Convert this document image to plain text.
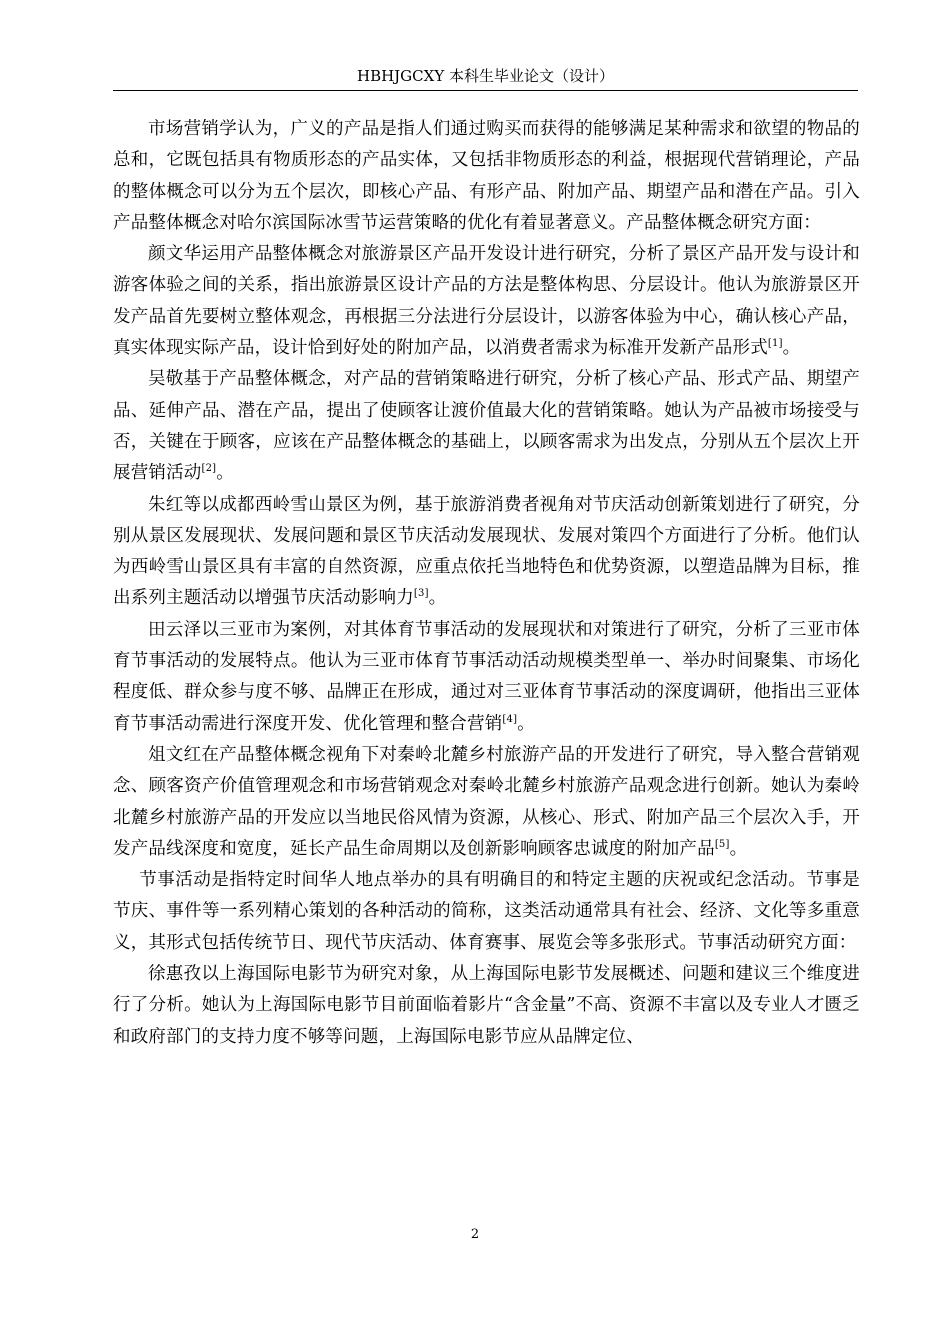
HBHJGCXY 本科生毕业论文（设计）

市场营销学认为，广义的产品是指人们通过购买而获得的能够满足某种需求和欲望的物品的总和，它既包括具有物质形态的产品实体，又包括非物质形态的利益，根据现代营销理论，产品的整体概念可以分为五个层次，即核心产品、有形产品、附加产品、期望产品和潜在产品。引入产品整体概念对哈尔滨国际冰雪节运营策略的优化有着显著意义。产品整体概念研究方面：

颜文华运用产品整体概念对旅游景区产品开发设计进行研究，分析了景区产品开发与设计和游客体验之间的关系，指出旅游景区设计产品的方法是整体构思、分层设计。他认为旅游景区开发产品首先要树立整体观念，再根据三分法进行分层设计，以游客体验为中心，确认核心产品，真实体现实际产品，设计恰到好处的附加产品，以消费者需求为标准开发新产品形式[1]。

吴敬基于产品整体概念，对产品的营销策略进行研究，分析了核心产品、形式产品、期望产品、延伸产品、潜在产品，提出了使顾客让渡价值最大化的营销策略。她认为产品被市场接受与否，关键在于顾客，应该在产品整体概念的基础上，以顾客需求为出发点，分别从五个层次上开展营销活动[2]。

朱红等以成都西岭雪山景区为例，基于旅游消费者视角对节庆活动创新策划进行了研究，分别从景区发展现状、发展问题和景区节庆活动发展现状、发展对策四个方面进行了分析。他们认为西岭雪山景区具有丰富的自然资源，应重点依托当地特色和优势资源，以塑造品牌为目标，推出系列主题活动以增强节庆活动影响力[3]。

田云泽以三亚市为案例，对其体育节事活动的发展现状和对策进行了研究，分析了三亚市体育节事活动的发展特点。他认为三亚市体育节事活动活动规模类型单一、举办时间聚集、市场化程度低、群众参与度不够、品牌正在形成，通过对三亚体育节事活动的深度调研，他指出三亚体育节事活动需进行深度开发、优化管理和整合营销[4]。

俎文红在产品整体概念视角下对秦岭北麓乡村旅游产品的开发进行了研究，导入整合营销观念、顾客资产价值管理观念和市场营销观念对秦岭北麓乡村旅游产品观念进行创新。她认为秦岭北麓乡村旅游产品的开发应以当地民俗风情为资源，从核心、形式、附加产品三个层次入手，开发产品线深度和宽度，延长产品生命周期以及创新影响顾客忠诚度的附加产品[5]。

节事活动是指特定时间华人地点举办的具有明确目的和特定主题的庆祝或纪念活动。节事是节庆、事件等一系列精心策划的各种活动的简称，这类活动通常具有社会、经济、文化等多重意义，其形式包括传统节日、现代节庆活动、体育赛事、展览会等多张形式。节事活动研究方面：

徐惠孜以上海国际电影节为研究对象，从上海国际电影节发展概述、问题和建议三个维度进行了分析。她认为上海国际电影节目前面临着影片“含金量”不高、资源不丰富以及专业人才匮乏和政府部门的支持力度不够等问题，上海国际电影节应从品牌定位、

2
